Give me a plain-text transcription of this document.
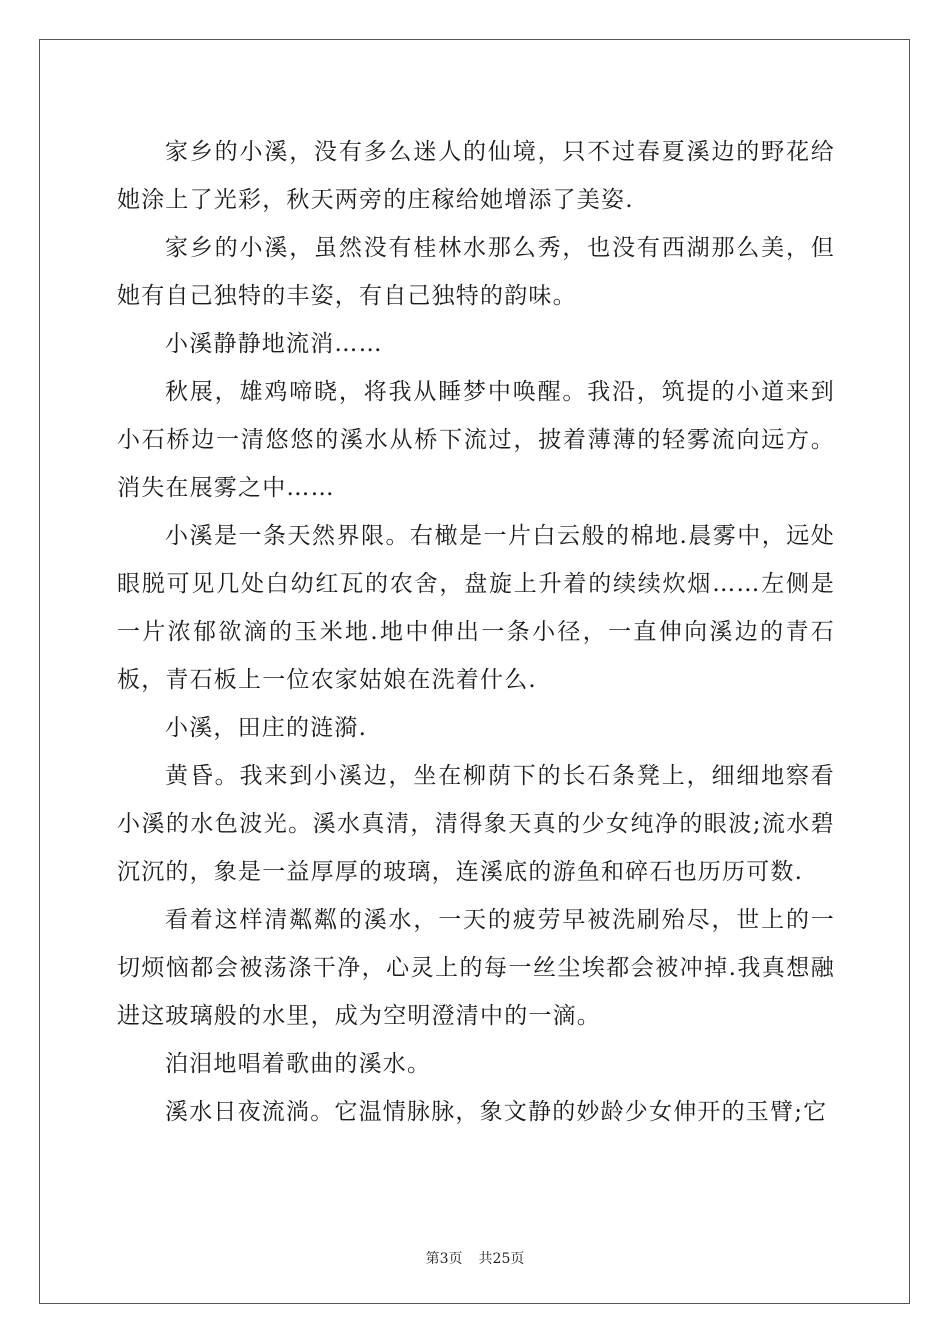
家乡的小溪，没有多么迷人的仙境，只不过春夏溪边的野花给她涂上了光彩，秋天两旁的庄稼给她增添了美姿.

家乡的小溪，虽然没有桂林水那么秀，也没有西湖那么美，但她有自己独特的丰姿，有自己独特的韵味。

小溪静静地流消……

秋展，雄鸡啼晓，将我从睡梦中唤醒。我沿，筑提的小道来到小石桥边一清悠悠的溪水从桥下流过，披着薄薄的轻雾流向远方。消失在展雾之中……

小溪是一条天然界限。右橄是一片白云般的棉地.晨雾中，远处眼脱可见几处白幼红瓦的农舍，盘旋上升着的续续炊烟……左侧是一片浓郁欲滴的玉米地.地中伸出一条小径，一直伸向溪边的青石板，青石板上一位农家姑娘在洗着什么.

小溪，田庄的涟漪.

黄昏。我来到小溪边，坐在柳荫下的长石条凳上，细细地察看小溪的水色波光。溪水真清，清得象天真的少女纯净的眼波;流水碧沉沉的，象是一益厚厚的玻璃，连溪底的游鱼和碎石也历历可数.

看着这样清粼粼的溪水，一天的疲劳早被洗刷殆尽，世上的一切烦恼都会被荡涤干净，心灵上的每一丝尘埃都会被冲掉.我真想融进这玻璃般的水里，成为空明澄清中的一滴。

泊泪地唱着歌曲的溪水。

溪水日夜流淌。它温情脉脉，象文静的妙龄少女伸开的玉臂;它

第3页 共25页
